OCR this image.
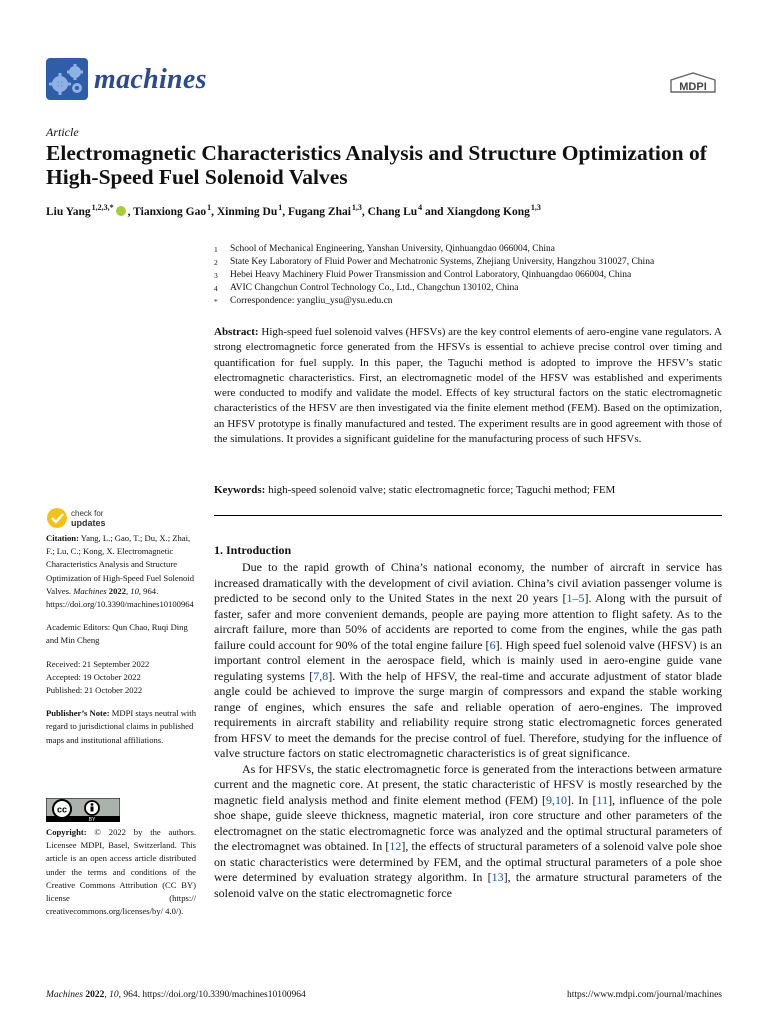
machines	MDPI
Article
Electromagnetic Characteristics Analysis and Structure Optimization of High-Speed Fuel Solenoid Valves
Liu Yang $^{1,2,3,*}$ , Tianxiong Gao $^1$, Xinming Du $^1$, Fugang Zhai $^{1,3}$, Chang Lu $^4$ and Xiangdong Kong $^{1,3}$
1	School of Mechanical Engineering, Yanshan University, Qinhuangdao 066004, China
2	State Key Laboratory of Fluid Power and Mechatronic Systems, Zhejiang University, Hangzhou 310027, China
3	Hebei Heavy Machinery Fluid Power Transmission and Control Laboratory, Qinhuangdao 066004, China
4	AVIC Changchun Control Technology Co., Ltd., Changchun 130102, China
*	Correspondence: yangliu_ysu@ysu.edu.cn
Abstract: High-speed fuel solenoid valves (HFSVs) are the key control elements of aero-engine vane regulators. A strong electromagnetic force generated from the HFSVs is essential to achieve precise control over timing and quantification for fuel supply. In this paper, the Taguchi method is adopted to improve the HFSV’s static electromagnetic characteristics. First, an electromagnetic model of the HFSV was established and experiments were conducted to modify and validate the model. Effects of key structural factors on the static electromagnetic characteristics of the HFSV are then investigated via the finite element method (FEM). Based on the optimization, an HFSV prototype is finally manufactured and tested. The experiment results are in good agreement with those of the simulations. It provides a significant guideline for the manufacturing process of such HFSVs.
Keywords: high-speed solenoid valve; static electromagnetic force; Taguchi method; FEM
check for
updates

Citation: Yang, L.; Gao, T.; Du, X.; Zhai, F.; Lu, C.; Kong, X. Electromagnetic Characteristics Analysis and Structure Optimization of High-Speed Fuel Solenoid Valves. Machines 2022, 10, 964. https://doi.org/10.3390/machines10100964

Academic Editors: Qun Chao, Ruqi Ding and Min Cheng

Received: 21 September 2022
Accepted: 19 October 2022
Published: 21 October 2022

Publisher’s Note: MDPI stays neutral with regard to jurisdictional claims in published maps and institutional affiliations.

cc
BY
Copyright: © 2022 by the authors. Licensee MDPI, Basel, Switzerland. This article is an open access article distributed under the terms and conditions of the Creative Commons Attribution (CC BY) license (https:// creativecommons.org/licenses/by/ 4.0/).
1. Introduction

Due to the rapid growth of China’s national economy, the number of aircraft in service has increased dramatically with the development of civil aviation. China’s civil aviation passenger volume is predicted to be second only to the United States in the next 20 years [1–5]. Along with the pursuit of faster, safer and more convenient demands, people are paying more attention to flight safety. As to the aircraft failure, more than 50% of accidents are reported to come from the engines, while the gas path failure could account for 90% of the total engine failure [6]. High speed fuel solenoid valve (HFSV) is an important control element in the aerospace field, which is mainly used in aero-engine guide vane regulating systems [7,8]. With the help of HFSV, the real-time and accurate adjustment of stator blade angle could be achieved to improve the surge margin of compressors and expand the stable working range of engines, which ensures the safe and reliable operation of aero-engines. The improved requirements in aircraft stability and reliability require strong static electromagnetic forces generated from HFSV to meet the demands for the precise control of fuel. Therefore, studying for the influence of valve structure factors on static electromagnetic characteristics is of great significance.

As for HFSVs, the static electromagnetic force is generated from the interactions between armature current and the magnetic core. At present, the static characteristic of HFSV is mostly researched by the magnetic field analysis method and finite element method (FEM) [9,10]. In [11], influence of the pole shoe shape, guide sleeve thickness, magnetic material, iron core structure and other parameters of the electromagnet on the static electromagnetic force was analyzed and the optimal structural parameters of the electromagnet was obtained. In [12], the effects of structural parameters of a solenoid valve pole shoe on static characteristics were determined by FEM, and the optimal structural parameters of a pole shoe were determined by evaluation strategy algorithm. In [13], the armature structural parameters of the solenoid valve on the static electromagnetic force

Machines 2022, 10, 964. https://doi.org/10.3390/machines10100964	https://www.mdpi.com/journal/machines
